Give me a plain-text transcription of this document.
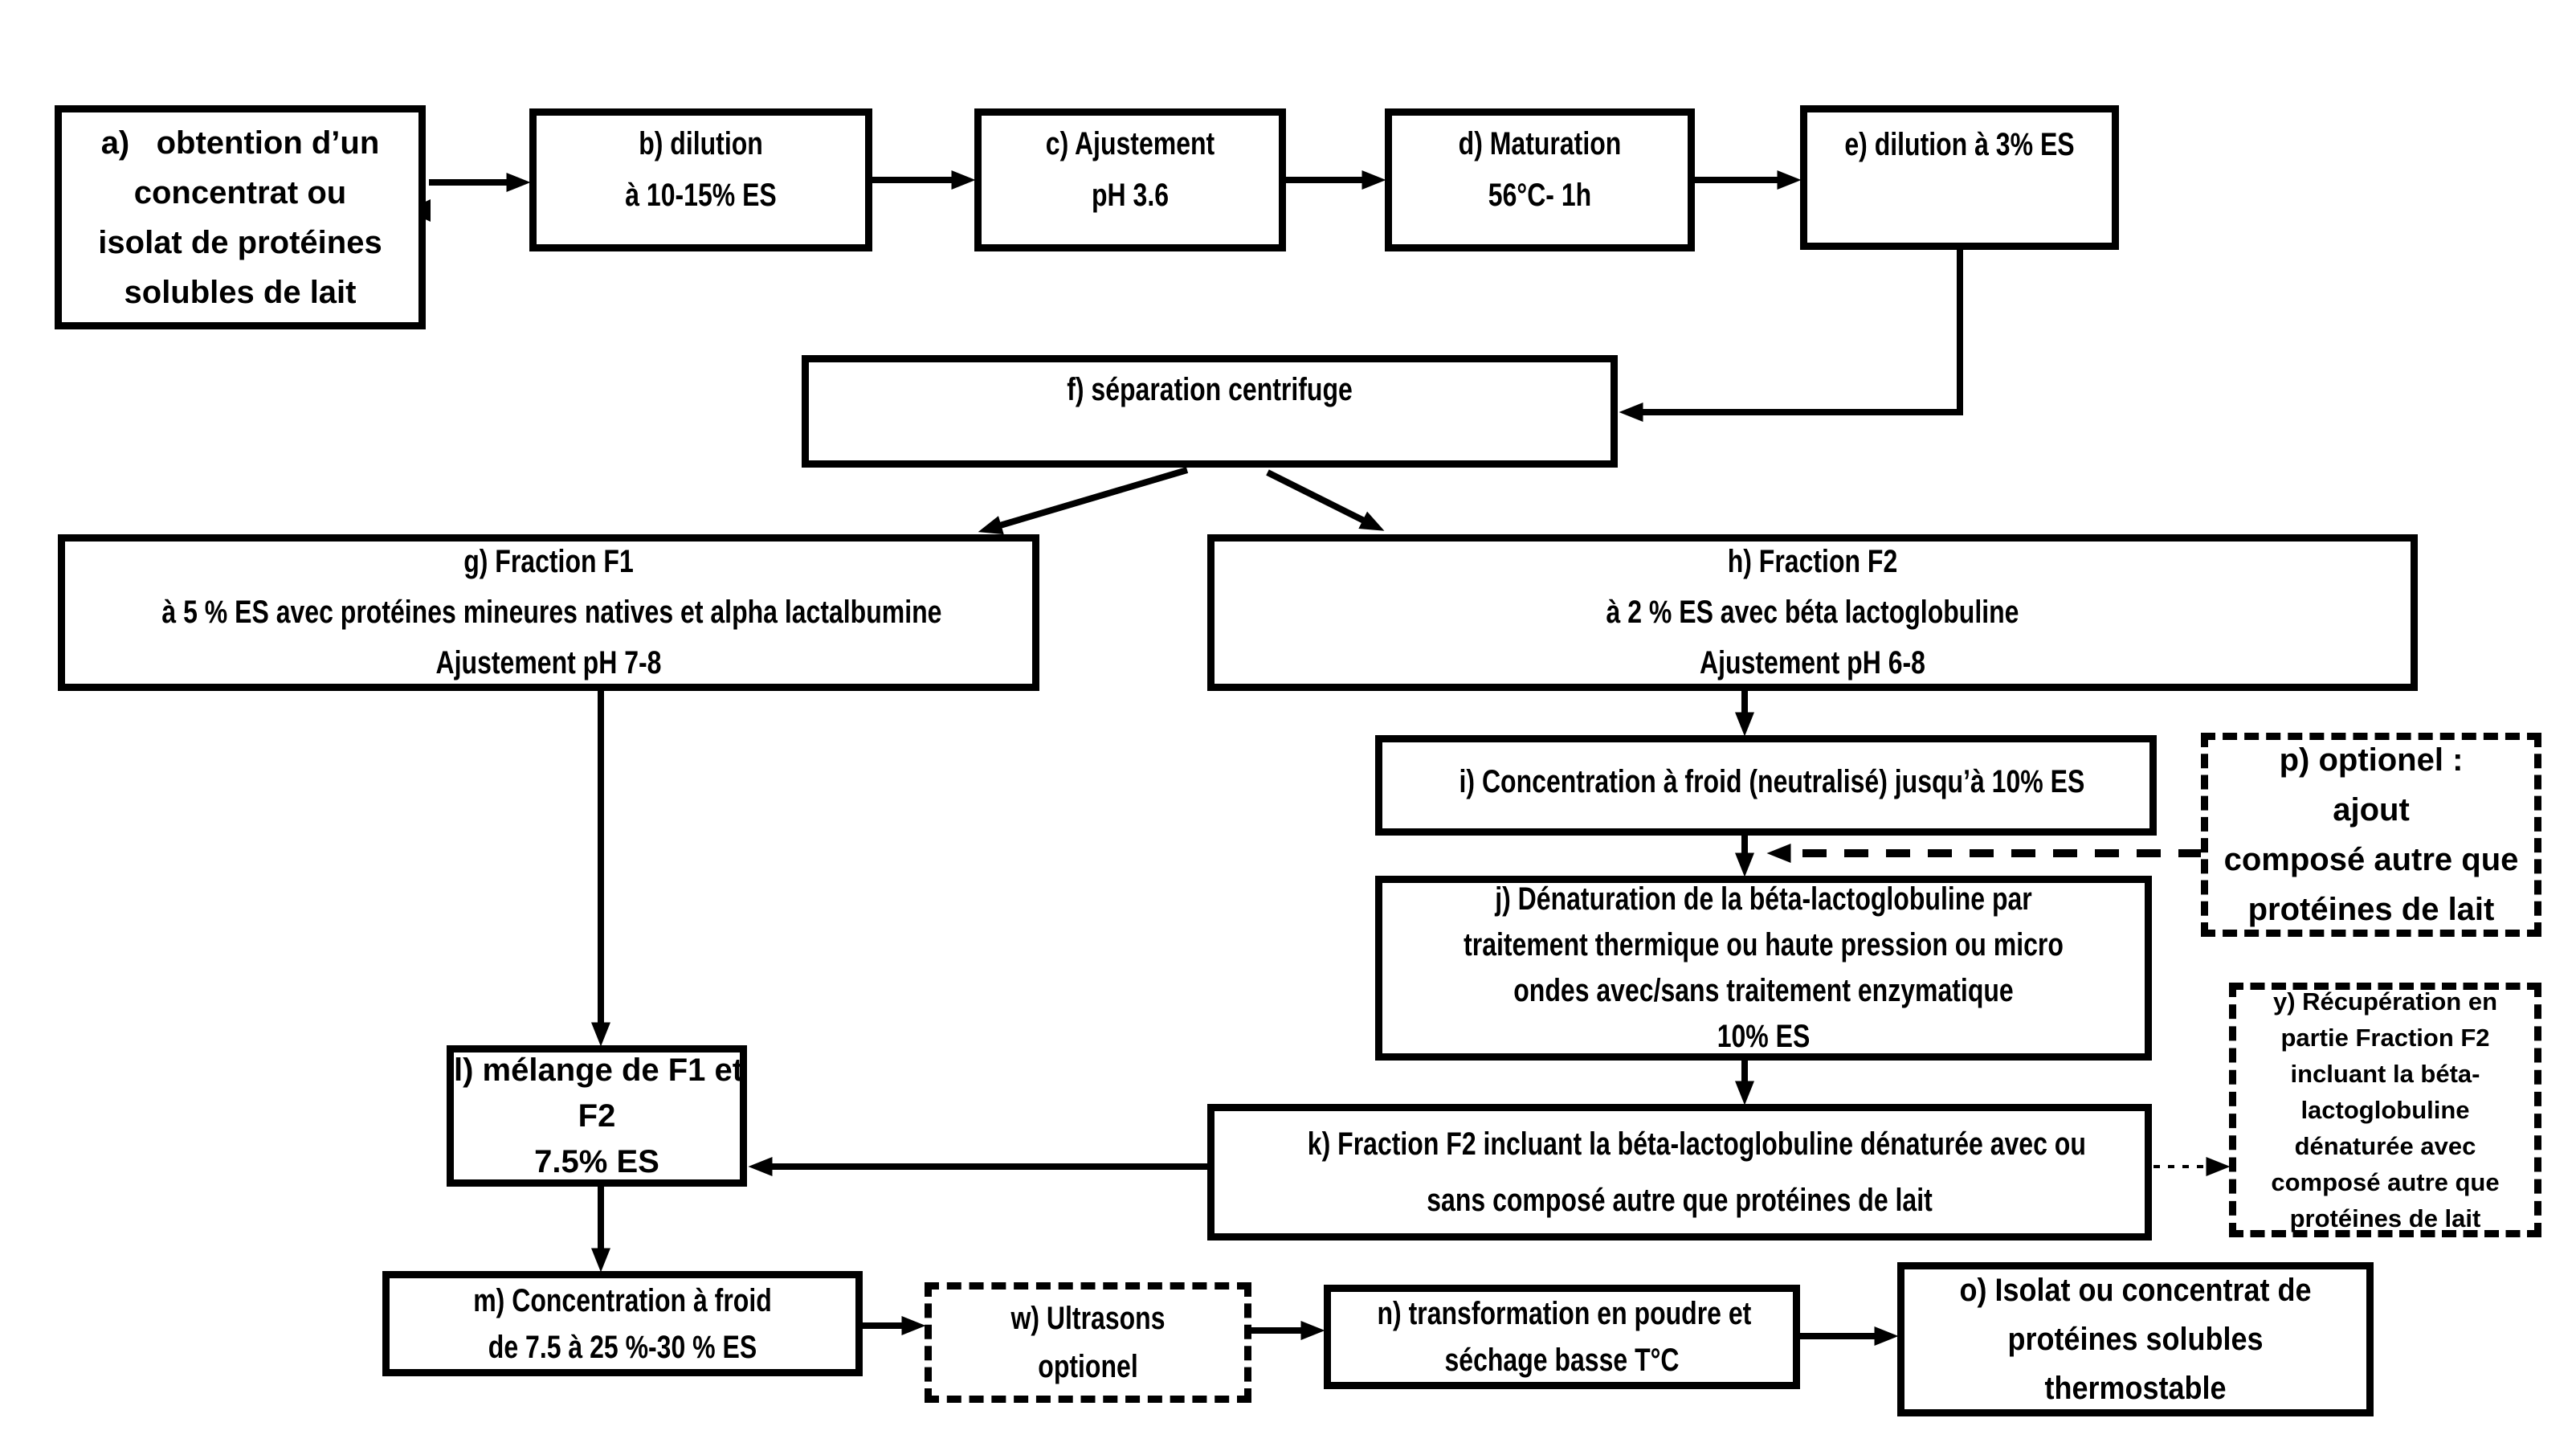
a)   obtention d’un
concentrat ou
isolat de protéines
solubles de lait
b) dilution
à 10-15% ES
c) Ajustement
pH 3.6
d) Maturation
56°C- 1h
e) dilution à 3% ES
f) séparation centrifuge
g) Fraction F1
à 5 % ES avec protéines mineures natives et alpha lactalbumine
Ajustement pH 7-8
h) Fraction F2
à 2 % ES avec béta lactoglobuline
Ajustement pH 6-8
i) Concentration à froid (neutralisé) jusqu’à 10% ES
p) optionel :
ajout
composé autre que
protéines de lait
j) Dénaturation de la béta-lactoglobuline par
traitement thermique ou haute pression ou micro
ondes avec/sans traitement enzymatique
10% ES
y) Récupération en
partie Fraction F2
incluant la béta-
lactoglobuline
dénaturée avec
composé autre que
protéines de lait
l) mélange de F1 et
F2
7.5% ES	k) Fraction F2 incluant la béta-lactoglobuline dénaturée avec ou
sans composé autre que protéines de lait
m) Concentration à froid
de 7.5 à 25 %-30 % ES
w) Ultrasons
optionel
n) transformation en poudre et
séchage basse T°C
o) Isolat ou concentrat de
protéines solubles
thermostable
